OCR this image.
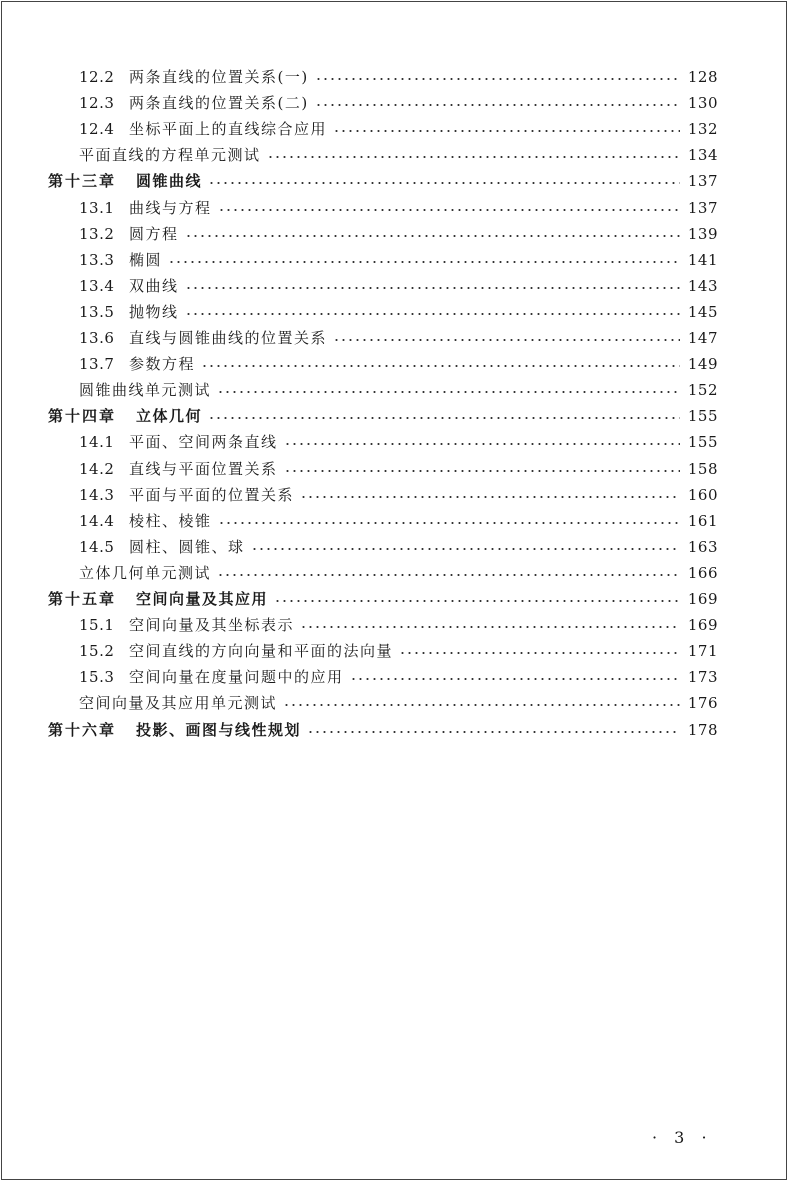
12.2 两条直线的位置关系(一)	128
12.3 两条直线的位置关系(二)	130
12.4 坐标平面上的直线综合应用	132
平面直线的方程单元测试	134
第十三章 圆锥曲线	137
13.1 曲线与方程	137
13.2 圆方程	139
13.3 椭圆	141
13.4 双曲线	143
13.5 抛物线	145
13.6 直线与圆锥曲线的位置关系	147
13.7 参数方程	149
圆锥曲线单元测试	152
第十四章 立体几何	155
14.1 平面、空间两条直线	155
14.2 直线与平面位置关系	158
14.3 平面与平面的位置关系	160
14.4 棱柱、棱锥	161
14.5 圆柱、圆锥、球	163
立体几何单元测试	166
第十五章 空间向量及其应用	169
15.1 空间向量及其坐标表示	169
15.2 空间直线的方向向量和平面的法向量	171
15.3 空间向量在度量问题中的应用	173
空间向量及其应用单元测试	176
第十六章 投影、画图与线性规划	178
· 3 ·
